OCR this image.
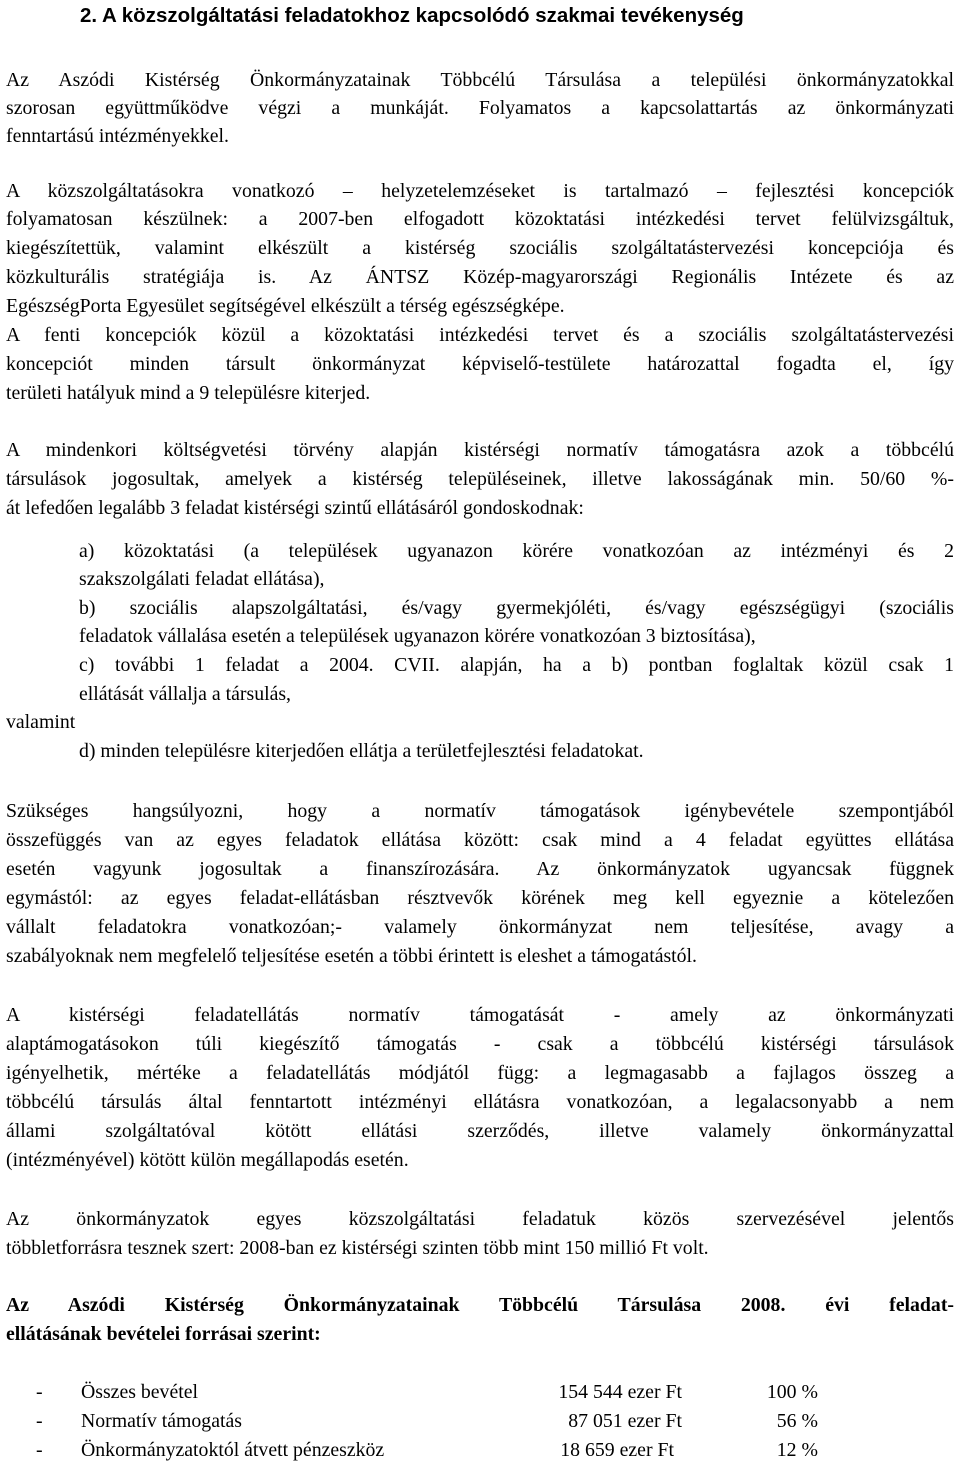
2. A közszolgáltatási feladatokhoz kapcsolódó szakmai tevékenység
Az Aszódi Kistérség Önkormányzatainak Többcélú Társulása a települési önkormányzatokkal
szorosan együttműködve végzi a munkáját. Folyamatos a kapcsolattartás az önkormányzati
fenntartású intézményekkel.
A közszolgáltatásokra vonatkozó – helyzetelemzéseket is tartalmazó – fejlesztési koncepciók
folyamatosan készülnek: a 2007-ben elfogadott közoktatási intézkedési tervet felülvizsgáltuk,
kiegészítettük, valamint elkészült a kistérség szociális szolgáltatástervezési koncepciója és
közkulturális stratégiája is. Az ÁNTSZ Közép-magyarországi Regionális Intézete és az
EgészségPorta Egyesület segítségével elkészült a térség egészségképe.
A fenti koncepciók közül a közoktatási intézkedési tervet és a szociális szolgáltatástervezési
koncepciót minden társult önkormányzat képviselő-testülete határozattal fogadta el, így
területi hatályuk mind a 9 településre kiterjed.
A mindenkori költségvetési törvény alapján kistérségi normatív támogatásra azok a többcélú
társulások jogosultak, amelyek a kistérség településeinek, illetve lakosságának min. 50/60 %-
át lefedően legalább 3 feladat kistérségi szintű ellátásáról gondoskodnak:
a) közoktatási (a települések ugyanazon körére vonatkozóan az intézményi és 2
szakszolgálati feladat ellátása),
b) szociális alapszolgáltatási, és/vagy gyermekjóléti, és/vagy egészségügyi (szociális
feladatok vállalása esetén a települések ugyanazon körére vonatkozóan 3 biztosítása),
c) további 1 feladat a 2004. CVII. alapján, ha a b) pontban foglaltak közül csak 1
ellátását vállalja a társulás,
valamint
d) minden településre kiterjedően ellátja a területfejlesztési feladatokat.
Szükséges hangsúlyozni, hogy a normatív támogatások igénybevétele szempontjából
összefüggés van az egyes feladatok ellátása között: csak mind a 4 feladat együttes ellátása
esetén vagyunk jogosultak a finanszírozására. Az önkormányzatok ugyancsak függnek
egymástól: az egyes feladat-ellátásban résztvevők körének meg kell egyeznie a kötelezően
vállalt feladatokra vonatkozóan;- valamely önkormányzat nem teljesítése, avagy a
szabályoknak nem megfelelő teljesítése esetén a többi érintett is eleshet a támogatástól.
A kistérségi feladatellátás normatív támogatását - amely az önkormányzati
alaptámogatásokon túli kiegészítő támogatás - csak a többcélú kistérségi társulások
igényelhetik, mértéke a feladatellátás módjától függ: a legmagasabb a fajlagos összeg a
többcélú társulás által fenntartott intézményi ellátásra vonatkozóan, a legalacsonyabb a nem
állami szolgáltatóval kötött ellátási szerződés, illetve valamely önkormányzattal
(intézményével) kötött külön megállapodás esetén.
Az önkormányzatok egyes közszolgáltatási feladatuk közös szervezésével jelentős
többletforrásra tesznek szert: 2008-ban ez kistérségi szinten több mint 150 millió Ft volt.
Az Aszódi Kistérség Önkormányzatainak Többcélú Társulása 2008. évi feladat-
ellátásának bevételei forrásai szerint:
- Összes bevétel	154 544 ezer Ft	100 %
- Normatív támogatás	87 051 ezer Ft	56 %
- Önkormányzatoktól átvett pénzeszköz	18 659 ezer Ft	12 %
